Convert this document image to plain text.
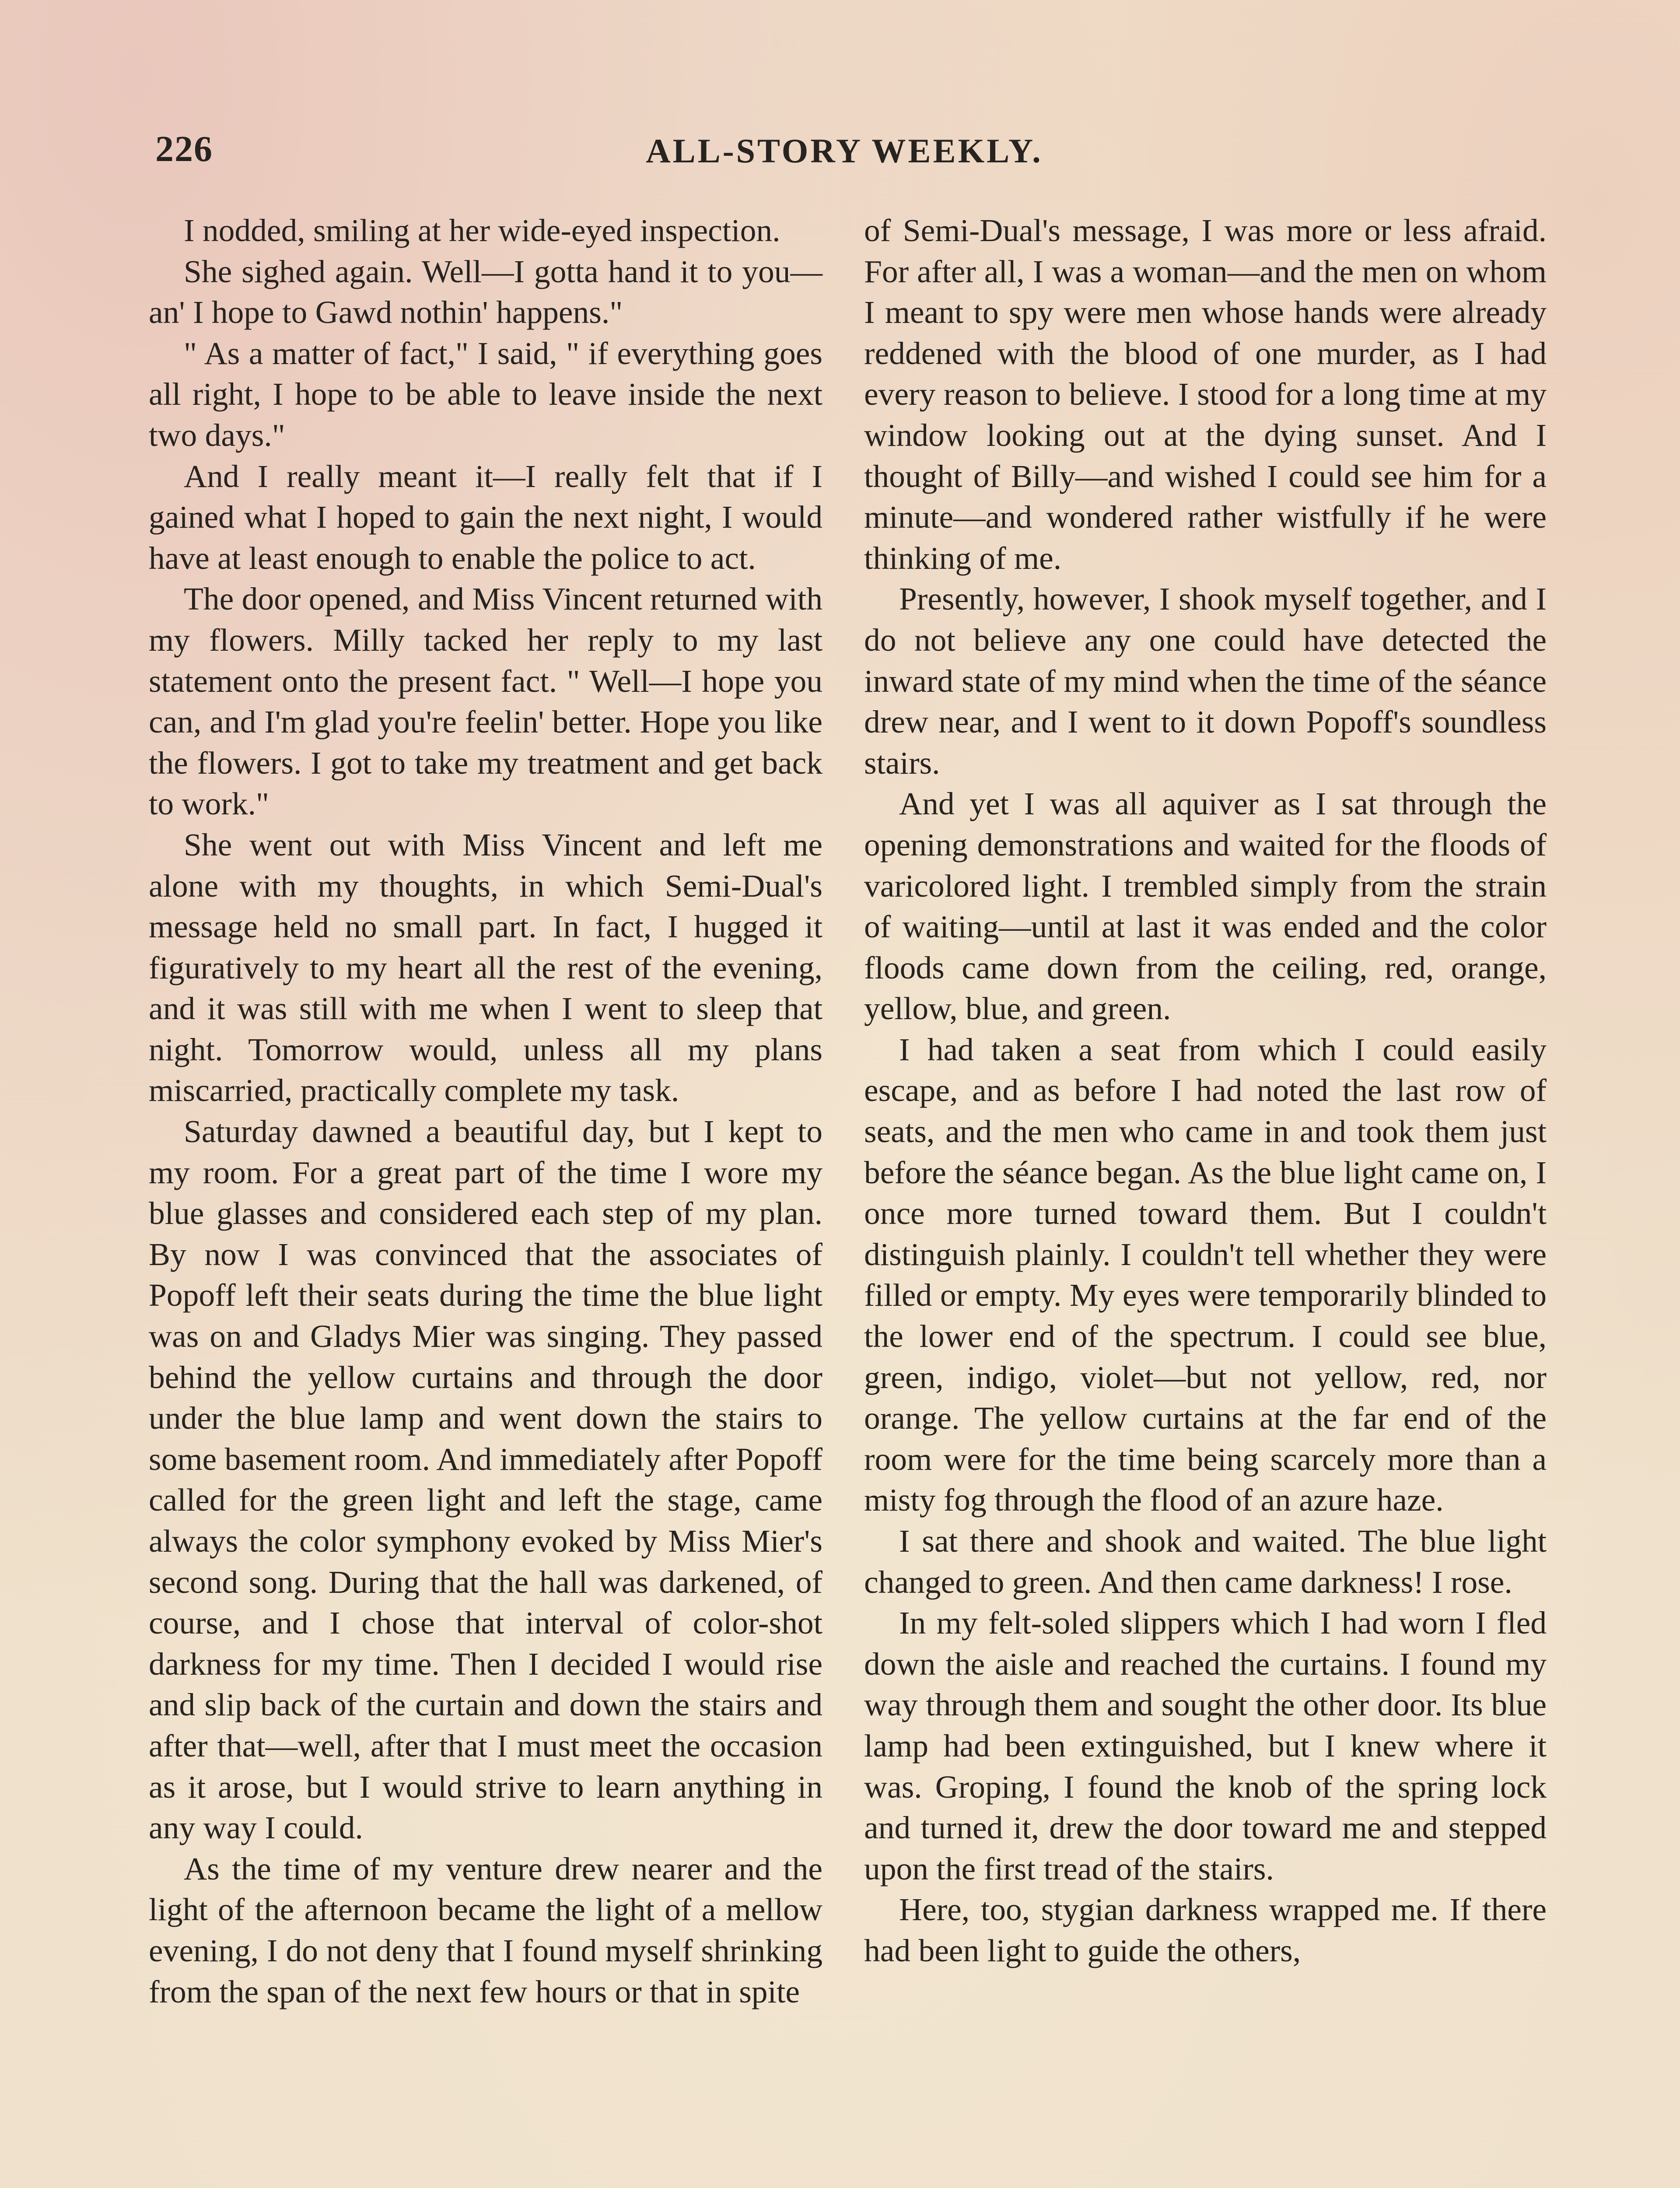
226	ALL-STORY WEEKLY.

I nodded, smiling at her wide-eyed inspection.

She sighed again. Well—I gotta hand it to you—an' I hope to Gawd nothin' happens."

" As a matter of fact," I said, " if everything goes all right, I hope to be able to leave inside the next two days."

And I really meant it—I really felt that if I gained what I hoped to gain the next night, I would have at least enough to enable the police to act.

The door opened, and Miss Vincent returned with my flowers. Milly tacked her reply to my last statement onto the present fact. " Well—I hope you can, and I'm glad you're feelin' better. Hope you like the flowers. I got to take my treatment and get back to work."

She went out with Miss Vincent and left me alone with my thoughts, in which Semi-Dual's message held no small part. In fact, I hugged it figuratively to my heart all the rest of the evening, and it was still with me when I went to sleep that night. Tomorrow would, unless all my plans miscarried, practically complete my task.

Saturday dawned a beautiful day, but I kept to my room. For a great part of the time I wore my blue glasses and considered each step of my plan. By now I was convinced that the associates of Popoff left their seats during the time the blue light was on and Gladys Mier was singing. They passed behind the yellow curtains and through the door under the blue lamp and went down the stairs to some basement room. And immediately after Popoff called for the green light and left the stage, came always the color symphony evoked by Miss Mier's second song. During that the hall was darkened, of course, and I chose that interval of color-shot darkness for my time. Then I decided I would rise and slip back of the curtain and down the stairs and after that—well, after that I must meet the occasion as it arose, but I would strive to learn anything in any way I could.

As the time of my venture drew nearer and the light of the afternoon became the light of a mellow evening, I do not deny that I found myself shrinking from the span of the next few hours or that in spite

of Semi-Dual's message, I was more or less afraid. For after all, I was a woman—and the men on whom I meant to spy were men whose hands were already reddened with the blood of one murder, as I had every reason to believe. I stood for a long time at my window looking out at the dying sunset. And I thought of Billy—and wished I could see him for a minute—and wondered rather wistfully if he were thinking of me.

Presently, however, I shook myself together, and I do not believe any one could have detected the inward state of my mind when the time of the séance drew near, and I went to it down Popoff's soundless stairs.

And yet I was all aquiver as I sat through the opening demonstrations and waited for the floods of varicolored light. I trembled simply from the strain of waiting—until at last it was ended and the color floods came down from the ceiling, red, orange, yellow, blue, and green.

I had taken a seat from which I could easily escape, and as before I had noted the last row of seats, and the men who came in and took them just before the séance began. As the blue light came on, I once more turned toward them. But I couldn't distinguish plainly. I couldn't tell whether they were filled or empty. My eyes were temporarily blinded to the lower end of the spectrum. I could see blue, green, indigo, violet—but not yellow, red, nor orange. The yellow curtains at the far end of the room were for the time being scarcely more than a misty fog through the flood of an azure haze.

I sat there and shook and waited. The blue light changed to green. And then came darkness! I rose.

In my felt-soled slippers which I had worn I fled down the aisle and reached the curtains. I found my way through them and sought the other door. Its blue lamp had been extinguished, but I knew where it was. Groping, I found the knob of the spring lock and turned it, drew the door toward me and stepped upon the first tread of the stairs.

Here, too, stygian darkness wrapped me. If there had been light to guide the others,
